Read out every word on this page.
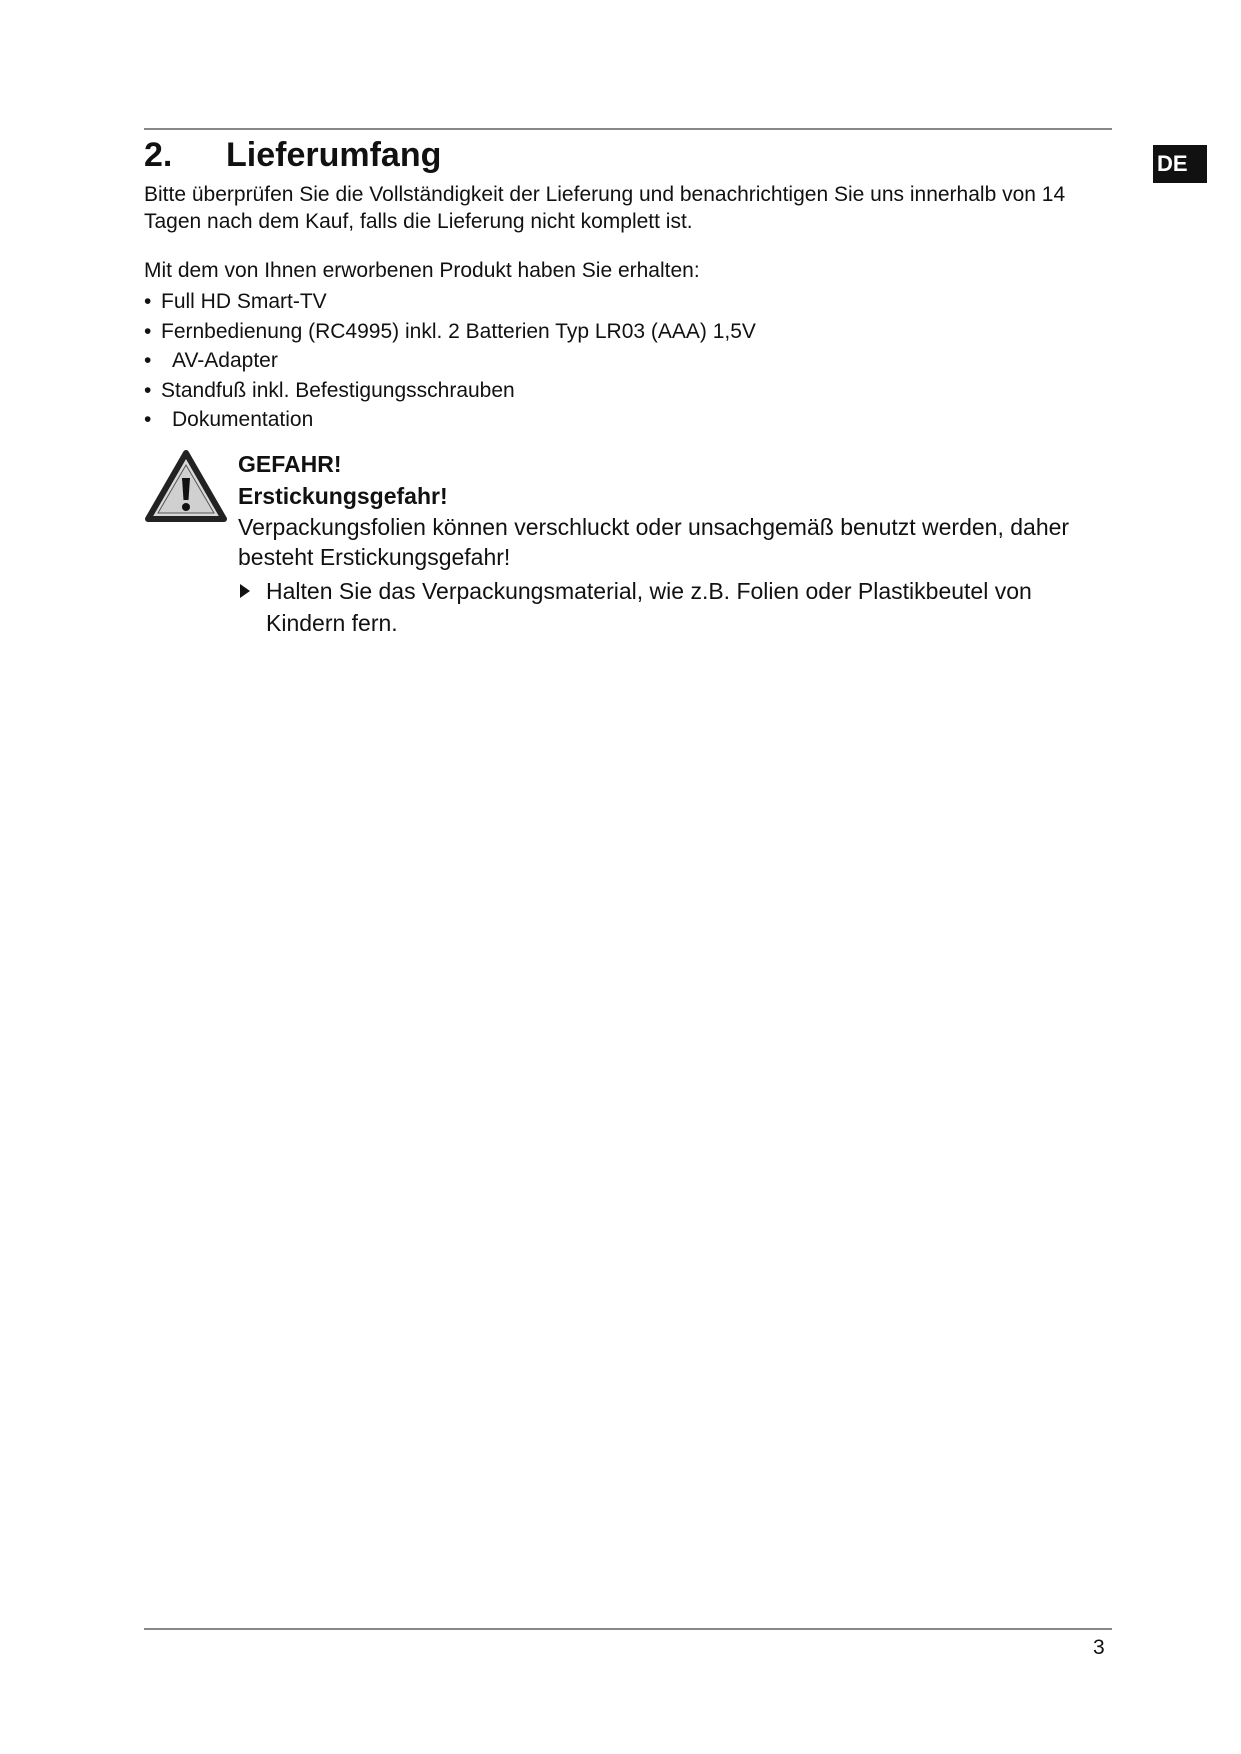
DE
2. Lieferumfang
Bitte überprüfen Sie die Vollständigkeit der Lieferung und benachrichtigen Sie uns innerhalb von 14 Tagen nach dem Kauf, falls die Lieferung nicht komplett ist.
Mit dem von Ihnen erworbenen Produkt haben Sie erhalten:
• Full HD Smart-TV
• Fernbedienung (RC4995) inkl. 2 Batterien Typ LR03 (AAA) 1,5V
• AV-Adapter
• Standfuß inkl. Befestigungsschrauben
• Dokumentation
GEFAHR!
Erstickungsgefahr!
Verpackungsfolien können verschluckt oder unsachgemäß benutzt werden, daher besteht Erstickungsgefahr!
Halten Sie das Verpackungsmaterial, wie z.B. Folien oder Plastikbeutel von Kindern fern.
3
